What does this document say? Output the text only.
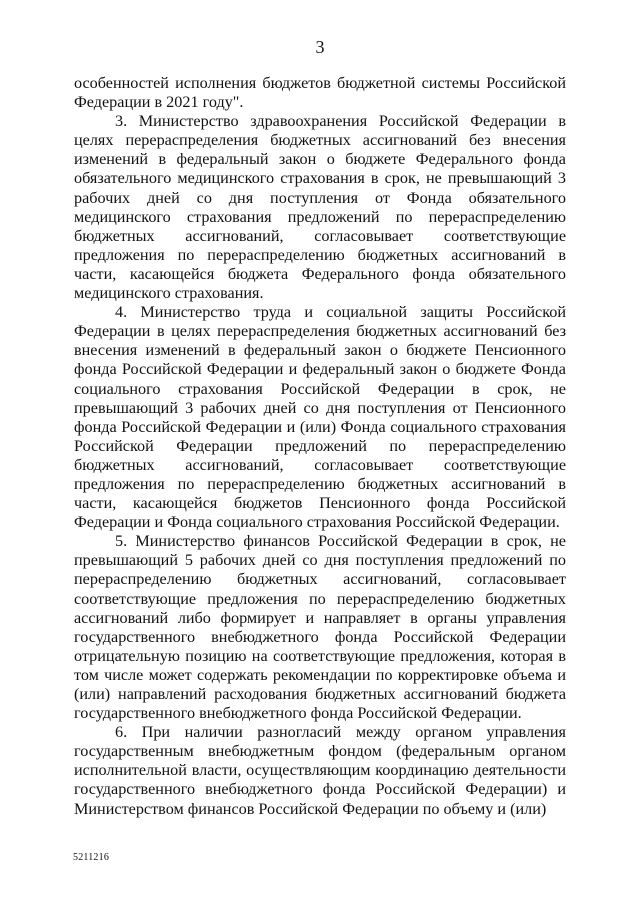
3

особенностей исполнения бюджетов бюджетной системы Российской Федерации в 2021 году".

3. Министерство здравоохранения Российской Федерации в целях перераспределения бюджетных ассигнований без внесения изменений в федеральный закон о бюджете Федерального фонда обязательного медицинского страхования в срок, не превышающий 3 рабочих дней со дня поступления от Фонда обязательного медицинского страхования предложений по перераспределению бюджетных ассигнований, согласовывает соответствующие предложения по перераспределению бюджетных ассигнований в части, касающейся бюджета Федерального фонда обязательного медицинского страхования.

4. Министерство труда и социальной защиты Российской Федерации в целях перераспределения бюджетных ассигнований без внесения изменений в федеральный закон о бюджете Пенсионного фонда Российской Федерации и федеральный закон о бюджете Фонда социального страхования Российской Федерации в срок, не превышающий 3 рабочих дней со дня поступления от Пенсионного фонда Российской Федерации и (или) Фонда социального страхования Российской Федерации предложений по перераспределению бюджетных ассигнований, согласовывает соответствующие предложения по перераспределению бюджетных ассигнований в части, касающейся бюджетов Пенсионного фонда Российской Федерации и Фонда социального страхования Российской Федерации.

5. Министерство финансов Российской Федерации в срок, не превышающий 5 рабочих дней со дня поступления предложений по перераспределению бюджетных ассигнований, согласовывает соответствующие предложения по перераспределению бюджетных ассигнований либо формирует и направляет в органы управления государственного внебюджетного фонда Российской Федерации отрицательную позицию на соответствующие предложения, которая в том числе может содержать рекомендации по корректировке объема и (или) направлений расходования бюджетных ассигнований бюджета государственного внебюджетного фонда Российской Федерации.

6. При наличии разногласий между органом управления государственным внебюджетным фондом (федеральным органом исполнительной власти, осуществляющим координацию деятельности государственного внебюджетного фонда Российской Федерации) и Министерством финансов Российской Федерации по объему и (или)

5211216
